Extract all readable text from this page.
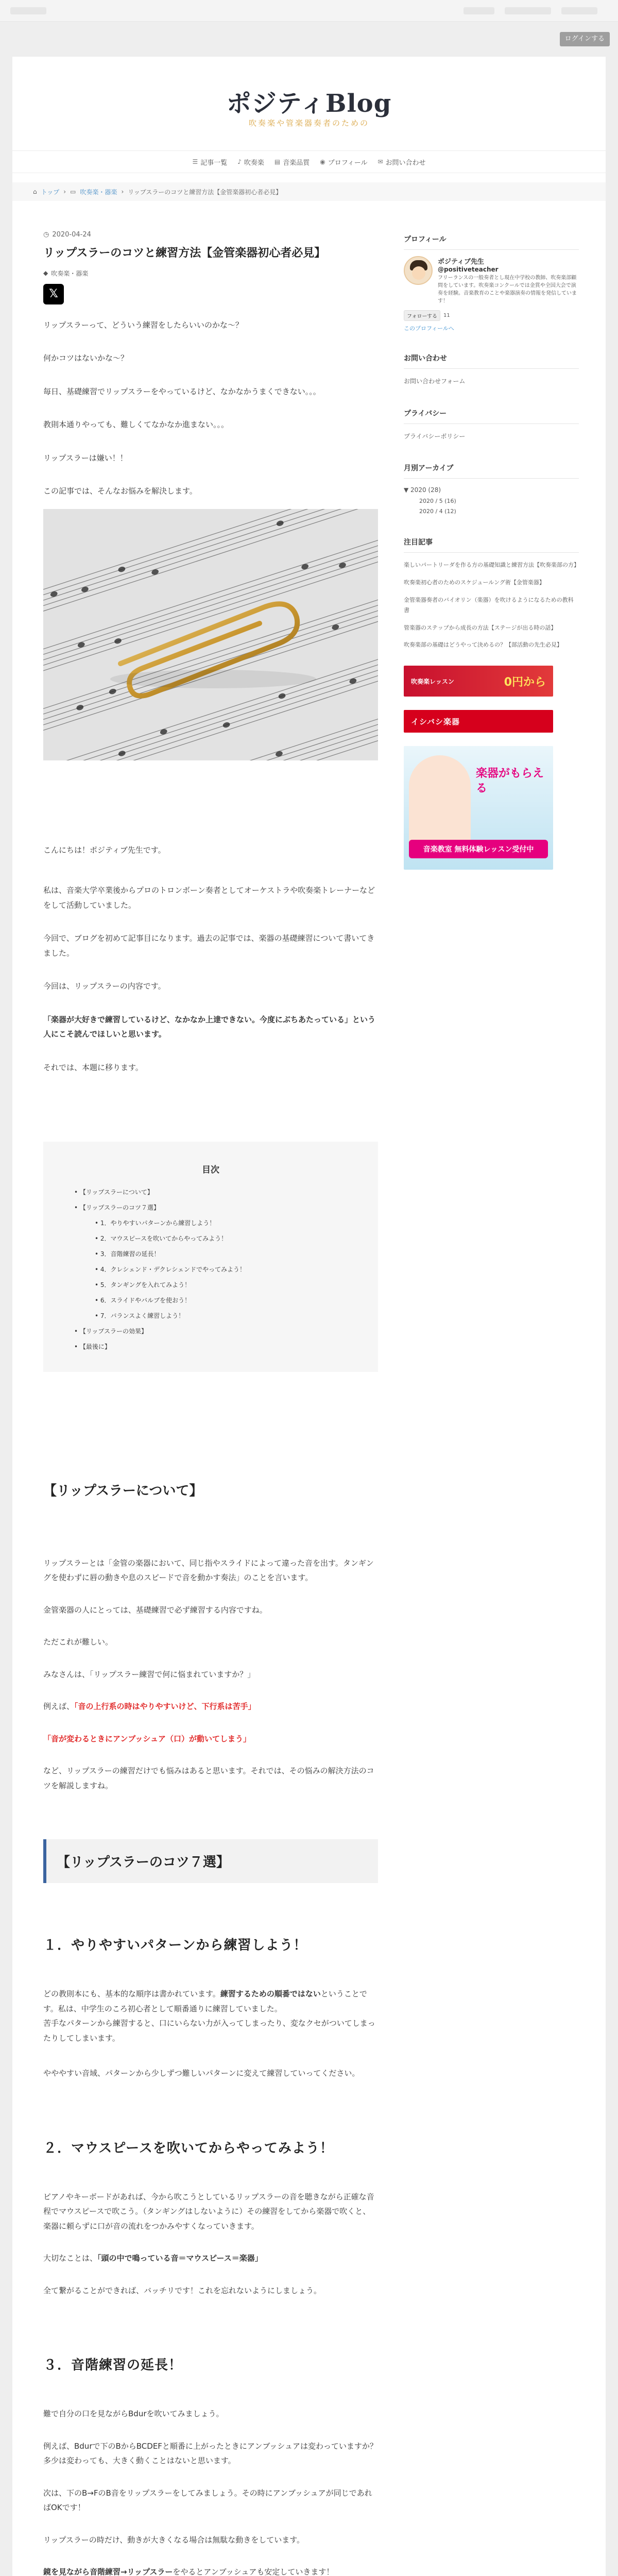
ログインする
ポジティBlog
吹奏楽や管楽器奏者のための
☰ 記事一覧 ♪ 吹奏楽 ▤ 音楽品質 ◉ プロフィール ✉ お問い合わせ
⌂ トップ › ▭ 吹奏楽・器楽 › リップスラーのコツと練習方法【金管楽器初心者必見】
◷ 2020-04-24
リップスラーのコツと練習方法【金管楽器初心者必見】
◆ 吹奏楽・器楽
𝕏

リップスラーって、どういう練習をしたらいいのかな〜？

何かコツはないかな〜？

毎日、基礎練習でリップスラーをやっているけど、なかなかうまくできない。。。

教則本通りやっても、難しくてなかなか進まない。。。

リップスラーは嫌い！！

この記事では、そんなお悩みを解決します。

こんにちは！ポジティブ先生です。

私は、音楽大学卒業後からプロのトロンボーン奏者としてオーケストラや吹奏楽トレーナーなどをして活動していました。

今回で、ブログを初めて記事目になります。過去の記事では、楽器の基礎練習について書いてきました。

今回は、リップスラーの内容です。

「楽器が大好きで練習しているけど、なかなか上達できない。今度にぶちあたっている」という人にこそ読んでほしいと思います。

それでは、本題に移ります。

目次
• 【リップスラーについて】
• 【リップスラーのコツ７選】
• 1．やりやすいパターンから練習しよう！
• 2．マウスピースを吹いてからやってみよう！
• 3．音階練習の延長！
• 4．クレシェンド・デクレシェンドでやってみよう！
• 5．タンギングを入れてみよう！
• 6．スライドやバルブを使おう！
• 7．バランスよく練習しよう！
• 【リップスラーの効果】
• 【最後に】
【リップスラーについて】

リップスラーとは「金管の楽器において、同じ指やスライドによって違った音を出す。タンギングを使わずに唇の動きや息のスピードで音を動かす奏法」のことを言います。

金管楽器の人にとっては、基礎練習で必ず練習する内容ですね。

ただこれが難しい。

みなさんは、「リップスラー練習で何に悩まれていますか？」

例えば、「音の上行系の時はやりやすいけど、下行系は苦手」

「音が変わるときにアンブッシュア（口）が動いてしまう」

など、リップスラーの練習だけでも悩みはあると思います。それでは、その悩みの解決方法のコツを解説しますね。

【リップスラーのコツ７選】
１．やりやすいパターンから練習しよう！

どの教則本にも、基本的な順序は書かれています。練習するための順番ではないということです。私は、中学生のころ初心者として順番通りに練習していました。

苦手なパターンから練習すると、口にいらない力が入ってしまったり、変なクセがついてしまったりしてしまいます。

やややすい音域、パターンから少しずつ難しいパターンに変えて練習していってください。

２．マウスピースを吹いてからやってみよう！

ピアノやキーボードがあれば、今から吹こうとしているリップスラーの音を聴きながら正確な音程でマウスピースで吹こう。（タンギングはしないように）その練習をしてから楽器で吹くと、楽器に頼らずに口が音の流れをつかみやすくなっていきます。

大切なことは、「頭の中で鳴っている音＝マウスピース＝楽器」

全て繋がることができれば、バッチリです！これを忘れないようにしましょう。

３．音階練習の延長！

難で自分の口を見ながらBdurを吹いてみましょう。

例えば、Bdurで下のBからBCDEFと順番に上がったときにアンブッシュアは変わっていますか？多少は変わっても、大きく動くことはないと思います。

次は、下のB→FのB音をリップスラーをしてみましょう。その時にアンブッシュアが同じであればOKです！

リップスラーの時だけ、動きが大きくなる場合は無駄な動きをしています。

鏡を見ながら音階練習→リップスラーをやるとアンブッシュアも安定していきます！

プロフィール
ポジティブ先生
@positiveteacher
フリーランスの一般奏者とし現在中学校の教師、吹奏楽部顧問をしています。吹奏楽コンクールでは金賞や全国大会で演奏を経験。音楽教育のことや楽器演奏の情報を発信しています！
フォローする	11
このプロフィールへ
お問い合わせ
お問い合わせフォーム
プライバシー
プライバシーポリシー
月別アーカイブ
▼ 2020 (28)
2020 / 5 (16)
2020 / 4 (12)
注目記事
楽しいパートリーダを作る方の基礎知識と練習方法【吹奏楽部の方】
吹奏楽初心者のためのスケジュールング術【金管楽器】
金管楽器奏者のバイオリン（楽器）を吹けるようになるための教科書
管楽器のステップから成長の方法【ステージが出る時の話】
吹奏楽部の基礎はどうやって決めるの？【部活動の先生必見】
吹奏楽レッスン	0円から
イシバシ楽器
楽器がもらえる
音楽教室 無料体験レッスン受付中
